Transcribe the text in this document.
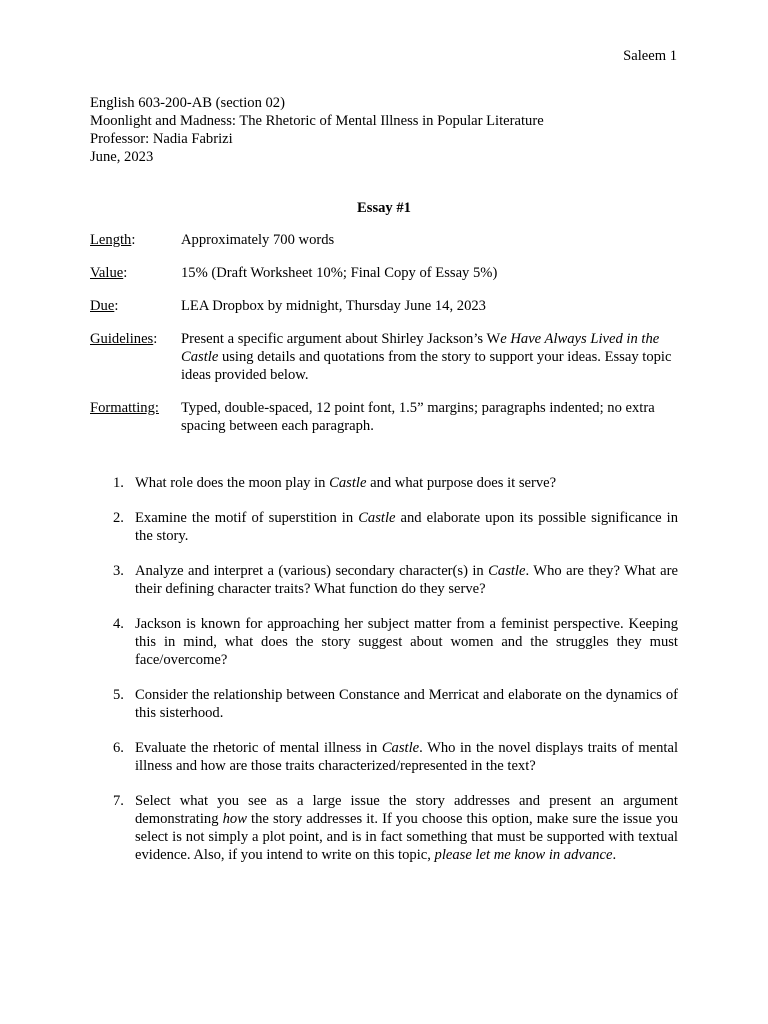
Saleem 1
English 603-200-AB (section 02)
Moonlight and Madness: The Rhetoric of Mental Illness in Popular Literature
Professor: Nadia Fabrizi
June, 2023
Essay #1
Length:	Approximately 700 words
Value:	15% (Draft Worksheet 10%; Final Copy of Essay 5%)
Due:	LEA Dropbox by midnight, Thursday June 14, 2023
Guidelines:	Present a specific argument about Shirley Jackson’s We Have Always Lived in the Castle using details and quotations from the story to support your ideas. Essay topic ideas provided below.
Formatting:	Typed, double-spaced, 12 point font, 1.5” margins; paragraphs indented; no extra spacing between each paragraph.
1. What role does the moon play in Castle and what purpose does it serve?
2. Examine the motif of superstition in Castle and elaborate upon its possible significance in the story.
3. Analyze and interpret a (various) secondary character(s) in Castle. Who are they? What are their defining character traits? What function do they serve?
4. Jackson is known for approaching her subject matter from a feminist perspective. Keeping this in mind, what does the story suggest about women and the struggles they must face/overcome?
5. Consider the relationship between Constance and Merricat and elaborate on the dynamics of this sisterhood.
6. Evaluate the rhetoric of mental illness in Castle. Who in the novel displays traits of mental illness and how are those traits characterized/represented in the text?
7. Select what you see as a large issue the story addresses and present an argument demonstrating how the story addresses it. If you choose this option, make sure the issue you select is not simply a plot point, and is in fact something that must be supported with textual evidence. Also, if you intend to write on this topic, please let me know in advance.
